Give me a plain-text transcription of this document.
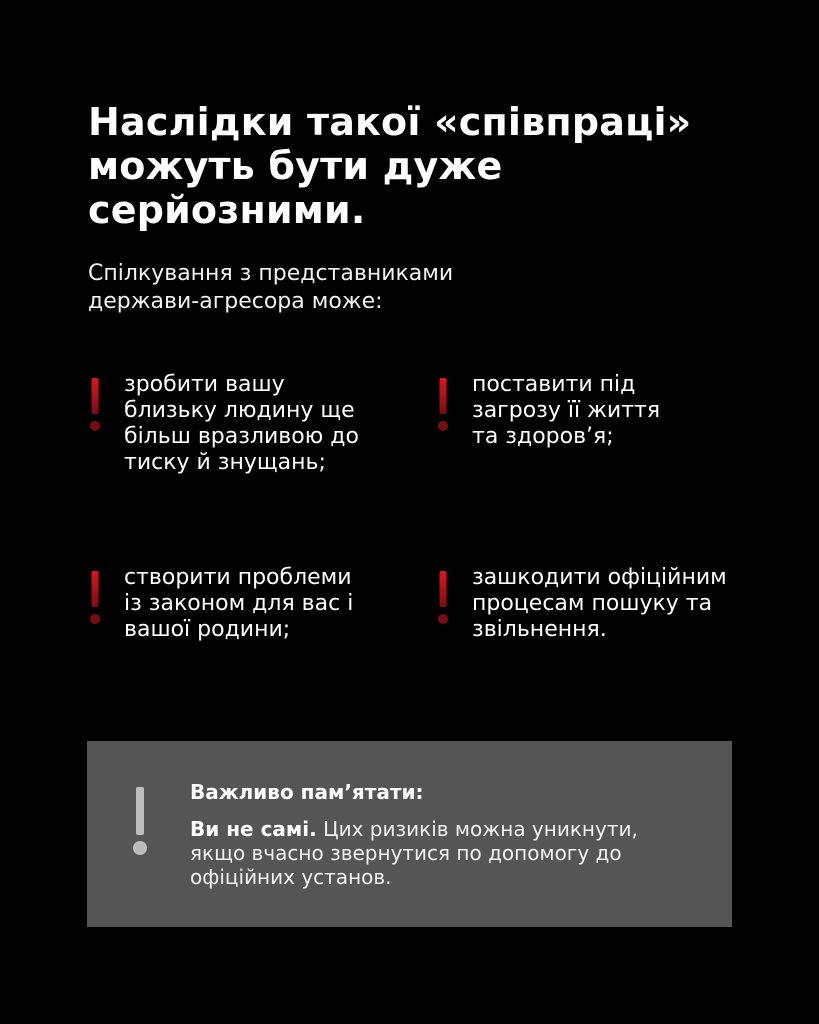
Наслідки такої «співпраці»
можуть бути дуже
серйозними.
Спілкування з представниками
держави-агресора може:
зробити вашу
близьку людину ще
більш вразливою до
тиску й знущань;
поставити під
загрозу її життя
та здоров’я;
створити проблеми
із законом для вас і
вашої родини;
зашкодити офіційним
процесам пошуку та
звільнення.
Важливо пам’ятати:
Ви не самі. Цих ризиків можна уникнути,
якщо вчасно звернутися по допомогу до
офіційних установ.
